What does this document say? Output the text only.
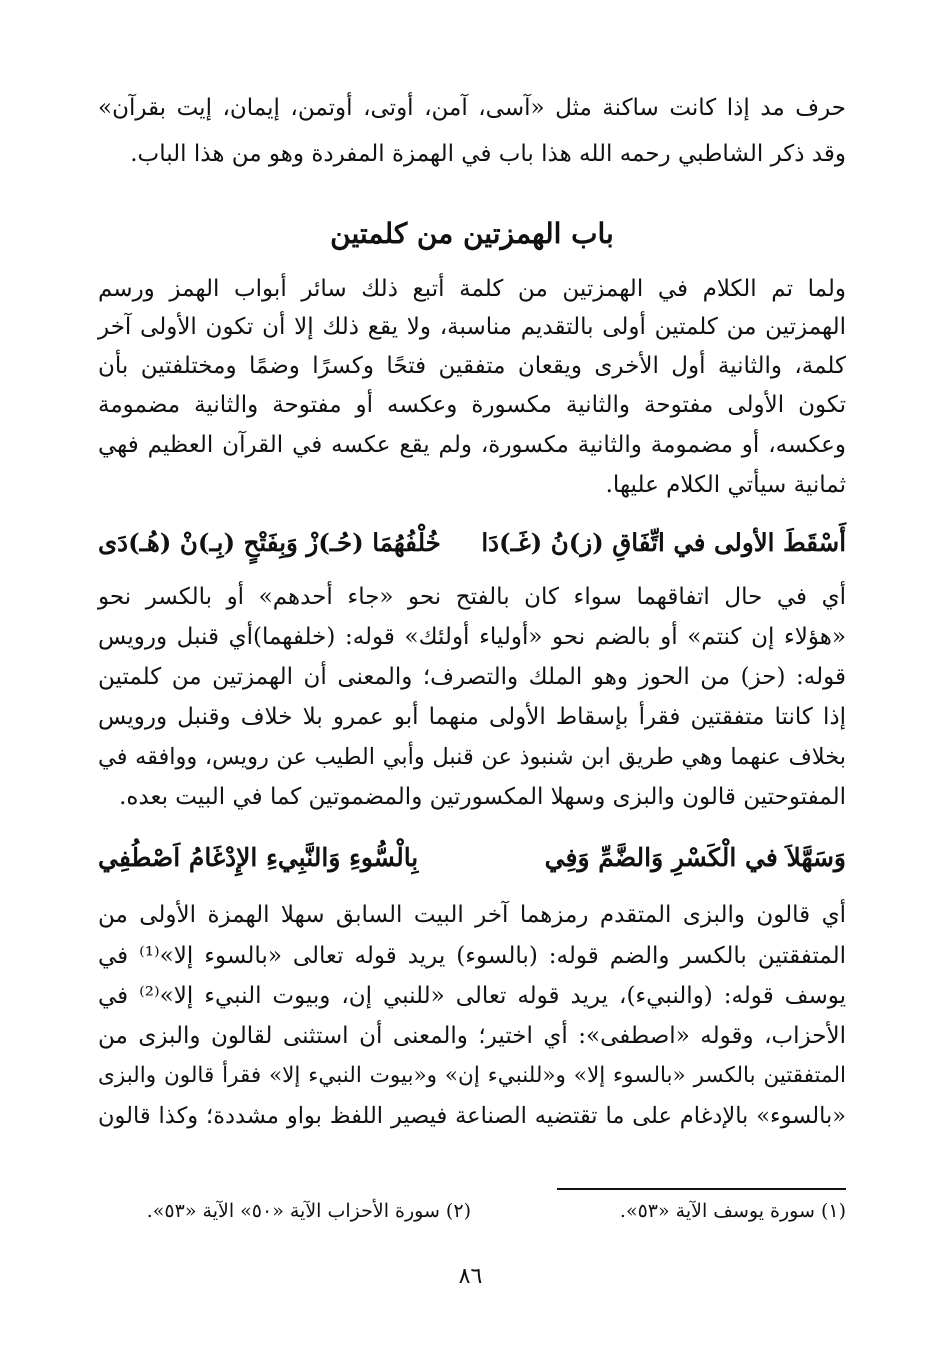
حرف مد إذا كانت ساكنة مثل «آسى، آمن، أوتى، أوتمن، إيمان، إيت بقرآن»
وقد ذكر الشاطبي رحمه الله هذا باب في الهمزة المفردة وهو من هذا الباب.
باب الهمزتين من كلمتين
ولما تم الكلام في الهمزتين من كلمة أتبع ذلك سائر أبواب الهمز ورسم
الهمزتين من كلمتين أولى بالتقديم مناسبة، ولا يقع ذلك إلا أن تكون الأولى آخر
كلمة، والثانية أول الأخرى ويقعان متفقين فتحًا وكسرًا وضمًا ومختلفتين بأن
تكون الأولى مفتوحة والثانية مكسورة وعكسه أو مفتوحة والثانية مضمومة
وعكسه، أو مضمومة والثانية مكسورة، ولم يقع عكسه في القرآن العظيم فهي
ثمانية سيأتي الكلام عليها.
أَسْقَطَ الأولى في اتِّفَاقِ (ز)نُ (غَـ)دَا
خُلْفُهُمَا (حُـ)زْ وَبِفَتْحٍ (بِـ)نْ (هُـ)دَى
أي في حال اتفاقهما سواء كان بالفتح نحو «جاء أحدهم» أو بالكسر نحو
«هؤلاء إن كنتم» أو بالضم نحو «أولياء أولئك» قوله: (خلفهما)أي قنبل ورويس
قوله: (حز) من الحوز وهو الملك والتصرف؛ والمعنى أن الهمزتين من كلمتين
إذا كانتا متفقتين فقرأ بإسقاط الأولى منهما أبو عمرو بلا خلاف وقنبل ورويس
بخلاف عنهما وهي طريق ابن شنبوذ عن قنبل وأبي الطيب عن رويس، ووافقه في
المفتوحتين قالون والبزى وسهلا المكسورتين والمضموتين كما في البيت بعده.
وَسَهَّلاَ في الْكَسْرِ وَالضَّمِّ وَفِي
بِالْسُّوءِ وَالنَّبِيءِ الإِدْغَامُ اَصْطُفِي
أي قالون والبزى المتقدم رمزهما آخر البيت السابق سهلا الهمزة الأولى من
المتفقتين بالكسر والضم قوله: (بالسوء) يريد قوله تعالى «بالسوء إلا»⁽¹⁾ في
يوسف قوله: (والنبيء)، يريد قوله تعالى «للنبي إن، وبيوت النبيء إلا»⁽²⁾ في
الأحزاب، وقوله «اصطفى»: أي اختير؛ والمعنى أن استثنى لقالون والبزى من
المتفقتين بالكسر «بالسوء إلا» و«للنبيء إن» و«بيوت النبيء إلا» فقرأ قالون والبزى
«بالسوء» بالإدغام على ما تقتضيه الصناعة فيصير اللفظ بواو مشددة؛ وكذا قالون
(١) سورة يوسف الآية «٥٣».
(٢) سورة الأحزاب الآية «٥٠» الآية «٥٣».
٨٦
